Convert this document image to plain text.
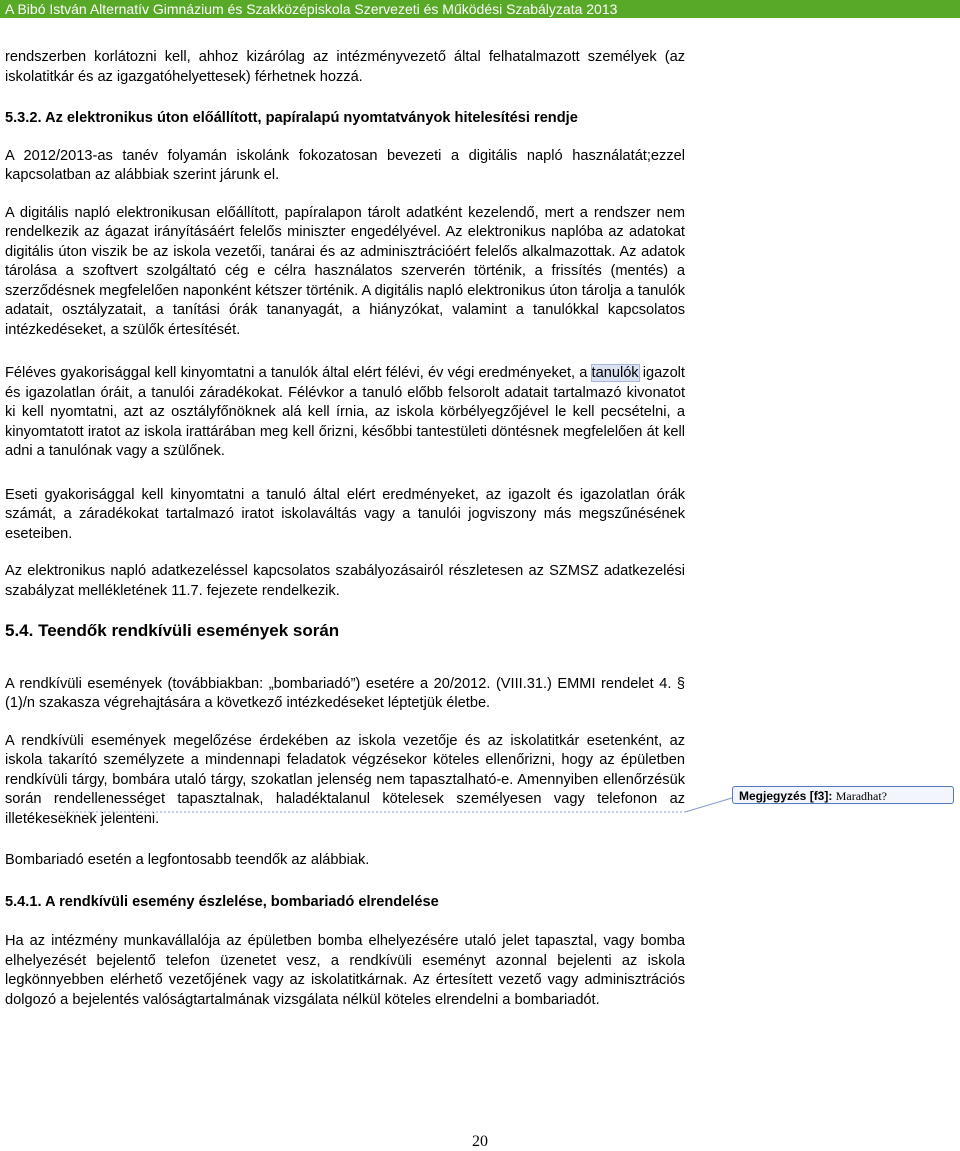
A Bibó István Alternatív Gimnázium és Szakközépiskola Szervezeti és Működési Szabályzata 2013

rendszerben korlátozni kell, ahhoz kizárólag az intézményvezető által felhatalmazott személyek (az iskolatitkár és az igazgatóhelyettesek) férhetnek hozzá.

5.3.2. Az elektronikus úton előállított, papíralapú nyomtatványok hitelesítési rendje

A 2012/2013-as tanév folyamán iskolánk fokozatosan bevezeti a digitális napló használatát;ezzel kapcsolatban az alábbiak szerint járunk el.

A digitális napló elektronikusan előállított, papíralapon tárolt adatként kezelendő, mert a rendszer nem rendelkezik az ágazat irányításáért felelős miniszter engedélyével. Az elektronikus naplóba az adatokat digitális úton viszik be az iskola vezetői, tanárai és az adminisztrációért felelős alkalmazottak. Az adatok tárolása a szoftvert szolgáltató cég e célra használatos szerverén történik, a frissítés (mentés) a szerződésnek megfelelően naponként kétszer történik. A digitális napló elektronikus úton tárolja a tanulók adatait, osztályzatait, a tanítási órák tananyagát, a hiányzókat, valamint a tanulókkal kapcsolatos intézkedéseket, a szülők értesítését.

Féléves gyakorisággal kell kinyomtatni a tanulók által elért félévi, év végi eredményeket, a tanulók igazolt és igazolatlan óráit, a tanulói záradékokat. Félévkor a tanuló előbb felsorolt adatait tartalmazó kivonatot ki kell nyomtatni, azt az osztályfőnöknek alá kell írnia, az iskola körbélyegzőjével le kell pecsételni, a kinyomtatott iratot az iskola irattárában meg kell őrizni, későbbi tantestületi döntésnek megfelelően át kell adni a tanulónak vagy a szülőnek.

Eseti gyakorisággal kell kinyomtatni a tanuló által elért eredményeket, az igazolt és igazolatlan órák számát, a záradékokat tartalmazó iratot iskolaváltás vagy a tanulói jogviszony más megszűnésének eseteiben.

Az elektronikus napló adatkezeléssel kapcsolatos szabályozásairól részletesen az SZMSZ adatkezelési szabályzat mellékletének 11.7. fejezete rendelkezik.

5.4. Teendők rendkívüli események során

A rendkívüli események (továbbiakban: „bombariadó”) esetére a 20/2012. (VIII.31.) EMMI rendelet 4. § (1)/n szakasza végrehajtására a következő intézkedéseket léptetjük életbe.

A rendkívüli események megelőzése érdekében az iskola vezetője és az iskolatitkár esetenként, az iskola takarító személyzete a mindennapi feladatok végzésekor köteles ellenőrizni, hogy az épületben rendkívüli tárgy, bombára utaló tárgy, szokatlan jelenség nem tapasztalható-e. Amennyiben ellenőrzésük során rendellenességet tapasztalnak, haladéktalanul kötelesek személyesen vagy telefonon az illetékeseknek jelenteni.

Bombariadó esetén a legfontosabb teendők az alábbiak.

5.4.1. A rendkívüli esemény észlelése, bombariadó elrendelése

Ha az intézmény munkavállalója az épületben bomba elhelyezésére utaló jelet tapasztal, vagy bomba elhelyezését bejelentő telefon üzenetet vesz, a rendkívüli eseményt azonnal bejelenti az iskola legkönnyebben elérhető vezetőjének vagy az iskolatitkárnak. Az értesített vezető vagy adminisztrációs dolgozó a bejelentés valóságtartalmának vizsgálata nélkül köteles elrendelni a bombariadót.

Megjegyzés [f3]: Maradhat?
20
